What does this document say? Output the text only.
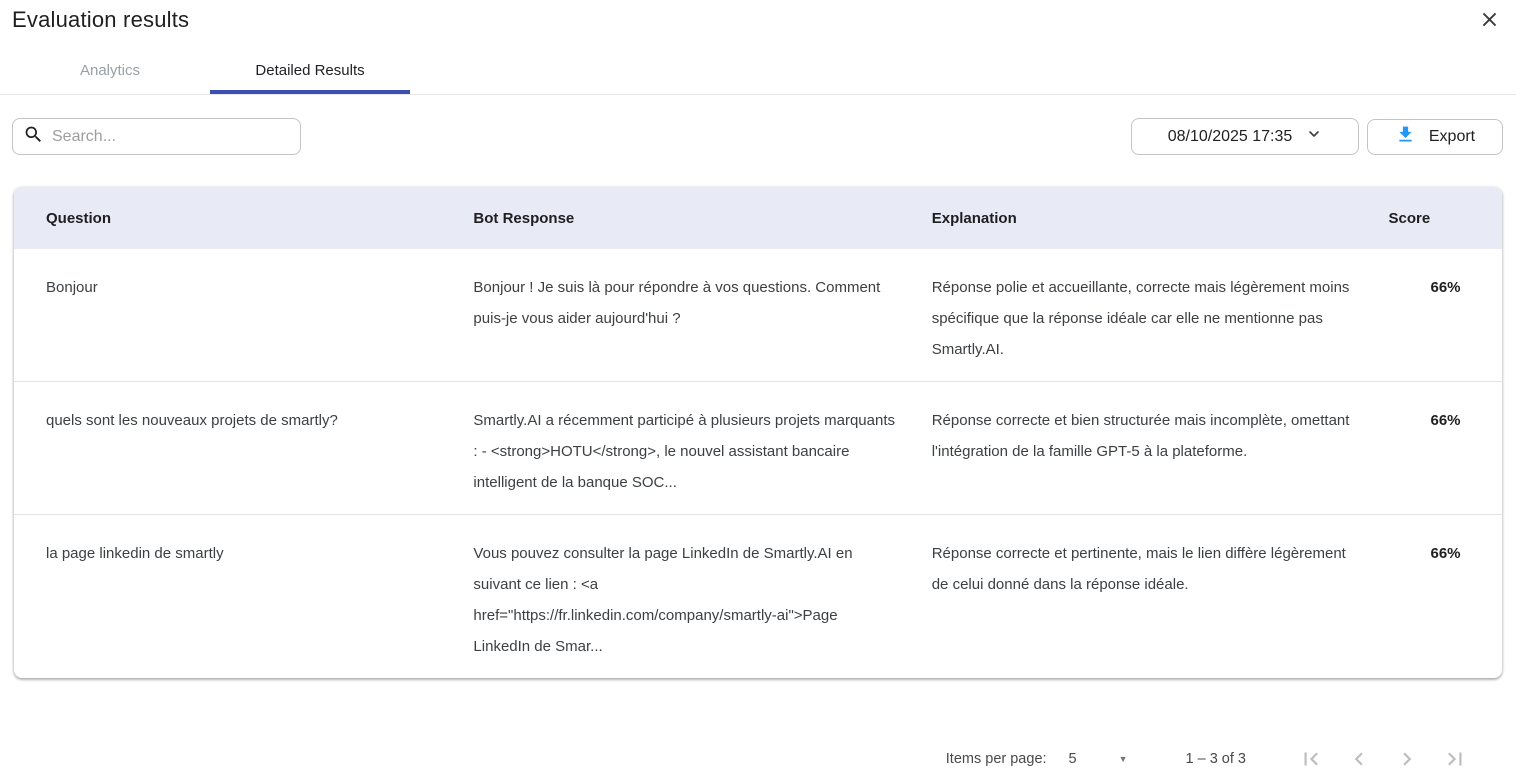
Evaluation results
Analytics	Detailed Results
Search...
08/10/2025 17:35	Export
Question	Bot Response	Explanation	Score
Bonjour	Bonjour ! Je suis là pour répondre à vos questions. Comment puis-je vous aider aujourd'hui ?	Réponse polie et accueillante, correcte mais légèrement moins spécifique que la réponse idéale car elle ne mentionne pas Smartly.AI.	66%
quels sont les nouveaux projets de smartly?	Smartly.AI a récemment participé à plusieurs projets marquants : - <strong>HOTU</strong>, le nouvel assistant bancaire intelligent de la banque SOC...	Réponse correcte et bien structurée mais incomplète, omettant l'intégration de la famille GPT-5 à la plateforme.	66%
la page linkedin de smartly	Vous pouvez consulter la page LinkedIn de Smartly.AI en suivant ce lien : <a href="https://fr.linkedin.com/company/smartly-ai">Page LinkedIn de Smar...	Réponse correcte et pertinente, mais le lien diffère légèrement de celui donné dans la réponse idéale.	66%
Items per page: 5	▼	1 – 3 of 3
